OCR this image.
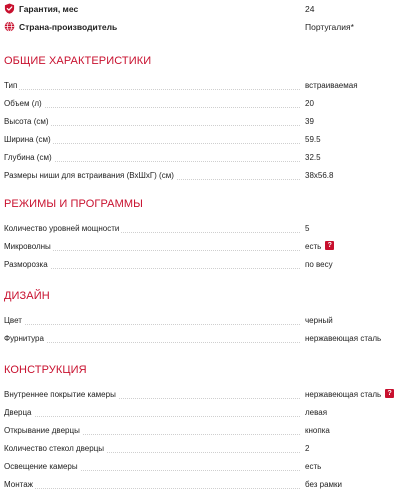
Гарантия, мес	24
Страна-производитель	Португалия*
ОБЩИЕ ХАРАКТЕРИСТИКИ
Тип	встраиваемая
Объем (л)	20
Высота (см)	39
Ширина (см)	59.5
Глубина (см)	32.5
Размеры ниши для встраивания (ВхШхГ) (см)	38x56.8
РЕЖИМЫ И ПРОГРАММЫ
Количество уровней мощности	5
Микроволны	есть ?
Разморозка	по весу
ДИЗАЙН
Цвет	черный
Фурнитура	нержавеющая сталь
КОНСТРУКЦИЯ
Внутреннее покрытие камеры	нержавеющая сталь ?
Дверца	левая
Открывание дверцы	кнопка
Количество стекол дверцы	2
Освещение камеры	есть
Монтаж	без рамки
